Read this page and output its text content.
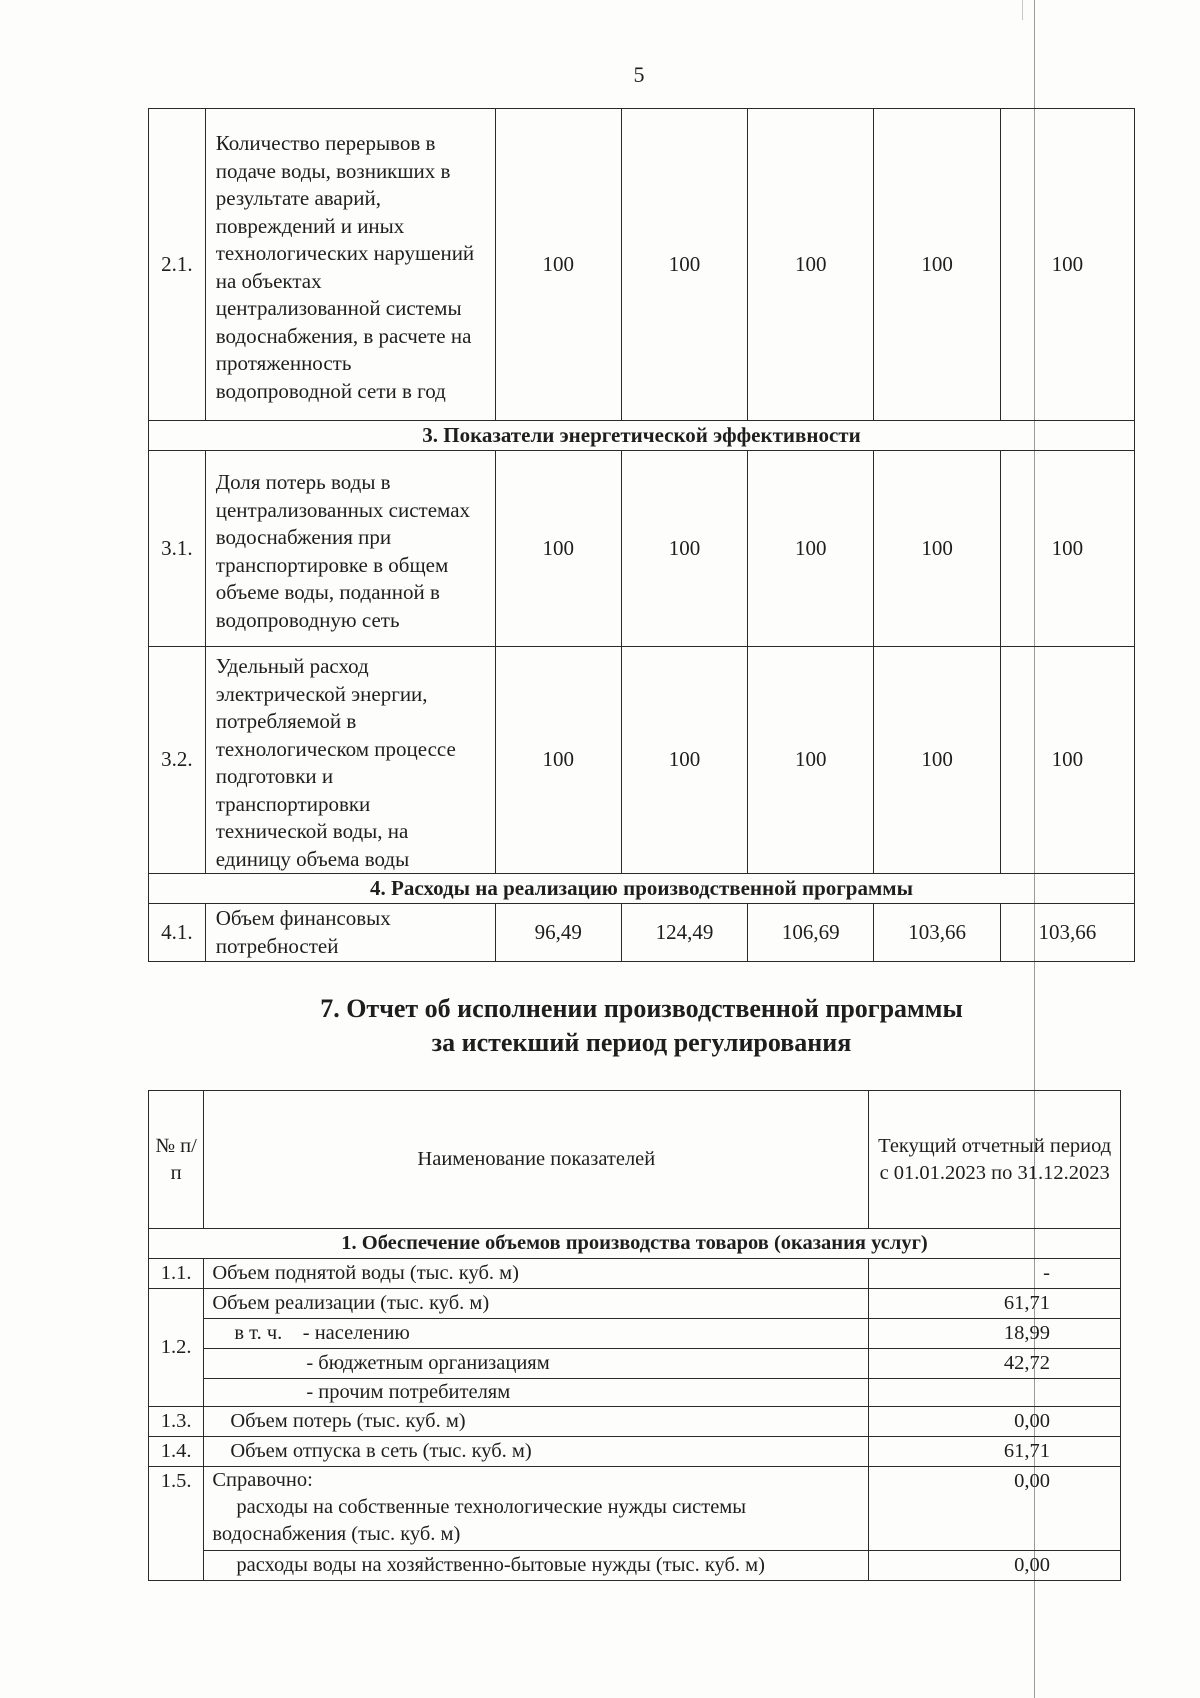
5
2.1.	Количество перерывов в подаче воды, возникших в результате аварий, повреждений и иных технологических нарушений на объектах централизованной системы водоснабжения, в расчете на протяженность водопроводной сети в год	100	100	100	100	100
3. Показатели энергетической эффективности						
3.1.	Доля потерь воды в централизованных системах водоснабжения при транспортировке в общем объеме воды, поданной в водопроводную сеть	100	100	100	100	100
3.2.	Удельный расход электрической энергии, потребляемой в технологическом процессе подготовки и транспортировки технической воды, на единицу объема воды	100	100	100	100	100
4. Расходы на реализацию производственной программы						
4.1.	Объем финансовых потребностей	96,49	124,49	106,69	103,66	103,66
7. Отчет об исполнении производственной программы
за истекший период регулирования
№ п/п	Наименование показателей	Текущий отчетный период с 01.01.2023 по 31.12.2023
1. Обеспечение объемов производства товаров (оказания услуг)		
1.1.	Объем поднятой воды (тыс. куб. м)	-
1.2.	Объем реализации (тыс. куб. м)	61,71
	в т. ч.    - населению	18,99
	- бюджетным организациям	42,72
	- прочим потребителям	
1.3.	Объем потерь (тыс. куб. м)	0,00
1.4.	Объем отпуска в сеть (тыс. куб. м)	61,71
1.5.	Справочно:
расходы на собственные технологические нужды системы водоснабжения (тыс. куб. м)	0,00
	расходы воды на хозяйственно-бытовые нужды (тыс. куб. м)	0,00
